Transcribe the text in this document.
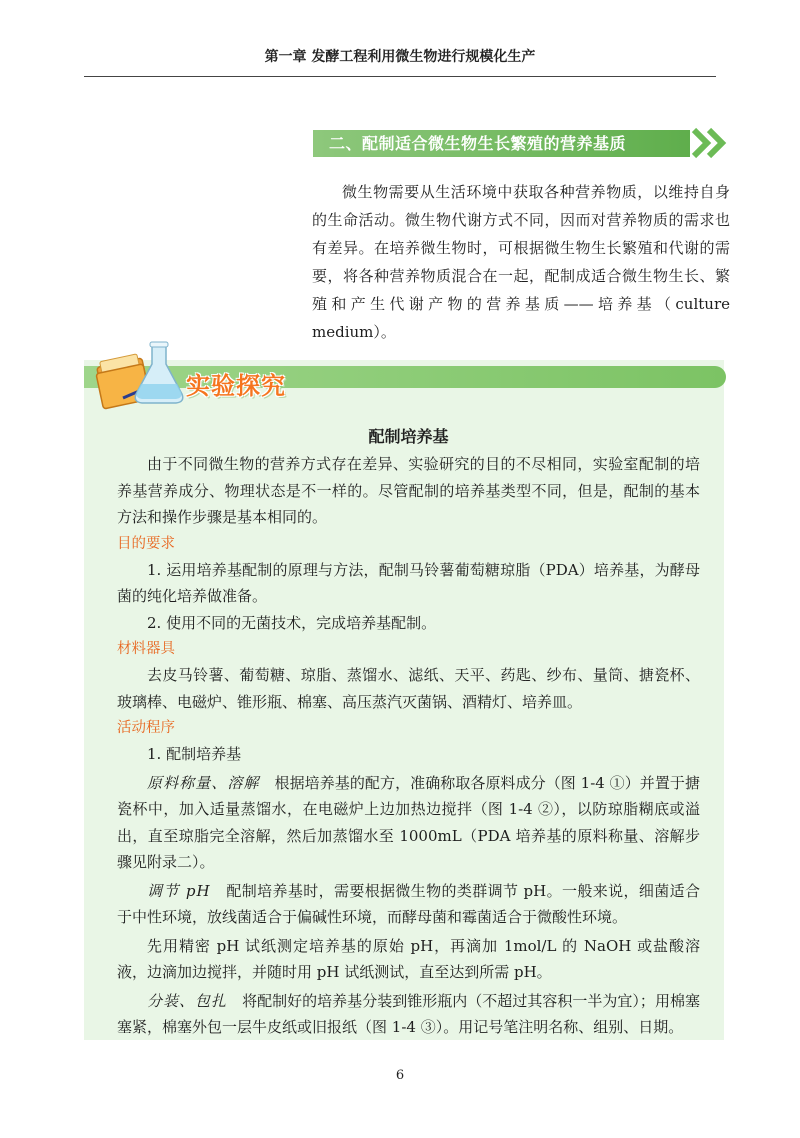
第一章 发酵工程利用微生物进行规模化生产
二、配制适合微生物生长繁殖的营养基质

微生物需要从生活环境中获取各种营养物质，以维持自身的生命活动。微生物代谢方式不同，因而对营养物质的需求也有差异。在培养微生物时，可根据微生物生长繁殖和代谢的需要，将各种营养物质混合在一起，配制成适合微生物生长、繁殖和产生代谢产物的营养基质——培养基（culture medium）。

实验探究

配制培养基

由于不同微生物的营养方式存在差异、实验研究的目的不尽相同，实验室配制的培养基营养成分、物理状态是不一样的。尽管配制的培养基类型不同，但是，配制的基本方法和操作步骤是基本相同的。

目的要求

1. 运用培养基配制的原理与方法，配制马铃薯葡萄糖琼脂（PDA）培养基，为酵母菌的纯化培养做准备。

2. 使用不同的无菌技术，完成培养基配制。

材料器具

去皮马铃薯、葡萄糖、琼脂、蒸馏水、滤纸、天平、药匙、纱布、量筒、搪瓷杯、玻璃棒、电磁炉、锥形瓶、棉塞、高压蒸汽灭菌锅、酒精灯、培养皿。

活动程序

1. 配制培养基

原料称量、溶解　 根据培养基的配方，准确称取各原料成分（图 1-4 ①）并置于搪瓷杯中，加入适量蒸馏水，在电磁炉上边加热边搅拌（图 1-4 ②），以防琼脂糊底或溢出，直至琼脂完全溶解，然后加蒸馏水至 1000mL（PDA 培养基的原料称量、溶解步骤见附录二）。

调节 pH　 配制培养基时，需要根据微生物的类群调节 pH。一般来说，细菌适合于中性环境，放线菌适合于偏碱性环境，而酵母菌和霉菌适合于微酸性环境。

先用精密 pH 试纸测定培养基的原始 pH，再滴加 1mol/L 的 NaOH 或盐酸溶液，边滴加边搅拌，并随时用 pH 试纸测试，直至达到所需 pH。

分装、包扎　 将配制好的培养基分装到锥形瓶内（不超过其容积一半为宜）；用棉塞塞紧，棉塞外包一层牛皮纸或旧报纸（图 1-4 ③）。用记号笔注明名称、组别、日期。

6
